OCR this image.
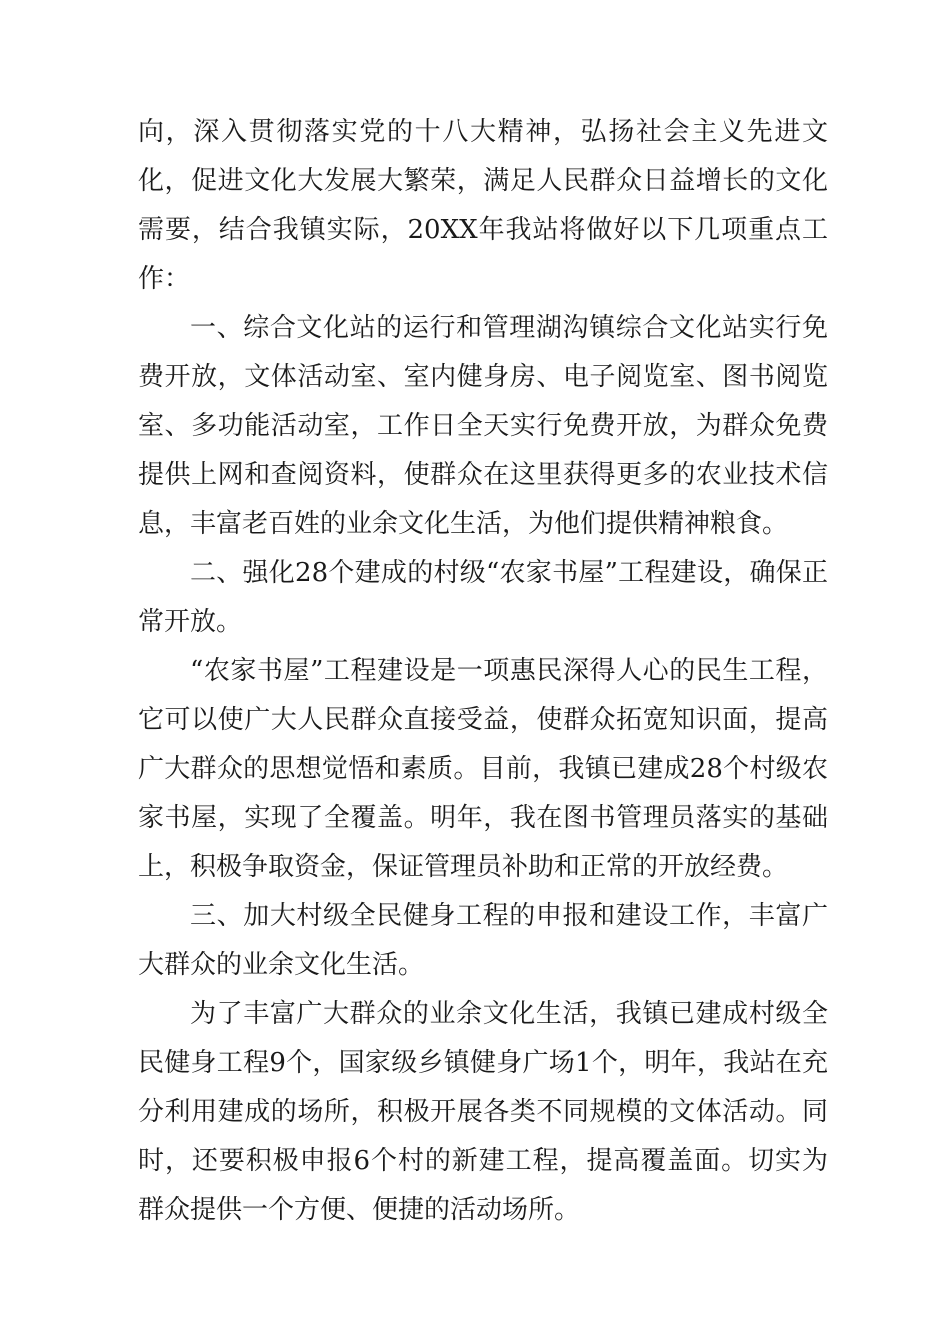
向，深入贯彻落实党的十八大精神，弘扬社会主义先进文化，促进文化大发展大繁荣，满足人民群众日益增长的文化需要，结合我镇实际，20XX年我站将做好以下几项重点工作：

一、综合文化站的运行和管理湖沟镇综合文化站实行免费开放，文体活动室、室内健身房、电子阅览室、图书阅览室、多功能活动室，工作日全天实行免费开放，为群众免费提供上网和查阅资料，使群众在这里获得更多的农业技术信息，丰富老百姓的业余文化生活，为他们提供精神粮食。

二、强化28个建成的村级“农家书屋”工程建设，确保正常开放。

“农家书屋”工程建设是一项惠民深得人心的民生工程，它可以使广大人民群众直接受益，使群众拓宽知识面，提高广大群众的思想觉悟和素质。目前，我镇已建成28个村级农家书屋，实现了全覆盖。明年，我在图书管理员落实的基础上，积极争取资金，保证管理员补助和正常的开放经费。

三、加大村级全民健身工程的申报和建设工作，丰富广大群众的业余文化生活。

为了丰富广大群众的业余文化生活，我镇已建成村级全民健身工程9个，国家级乡镇健身广场1个，明年，我站在充分利用建成的场所，积极开展各类不同规模的文体活动。同时，还要积极申报6个村的新建工程，提高覆盖面。切实为群众提供一个方便、便捷的活动场所。
